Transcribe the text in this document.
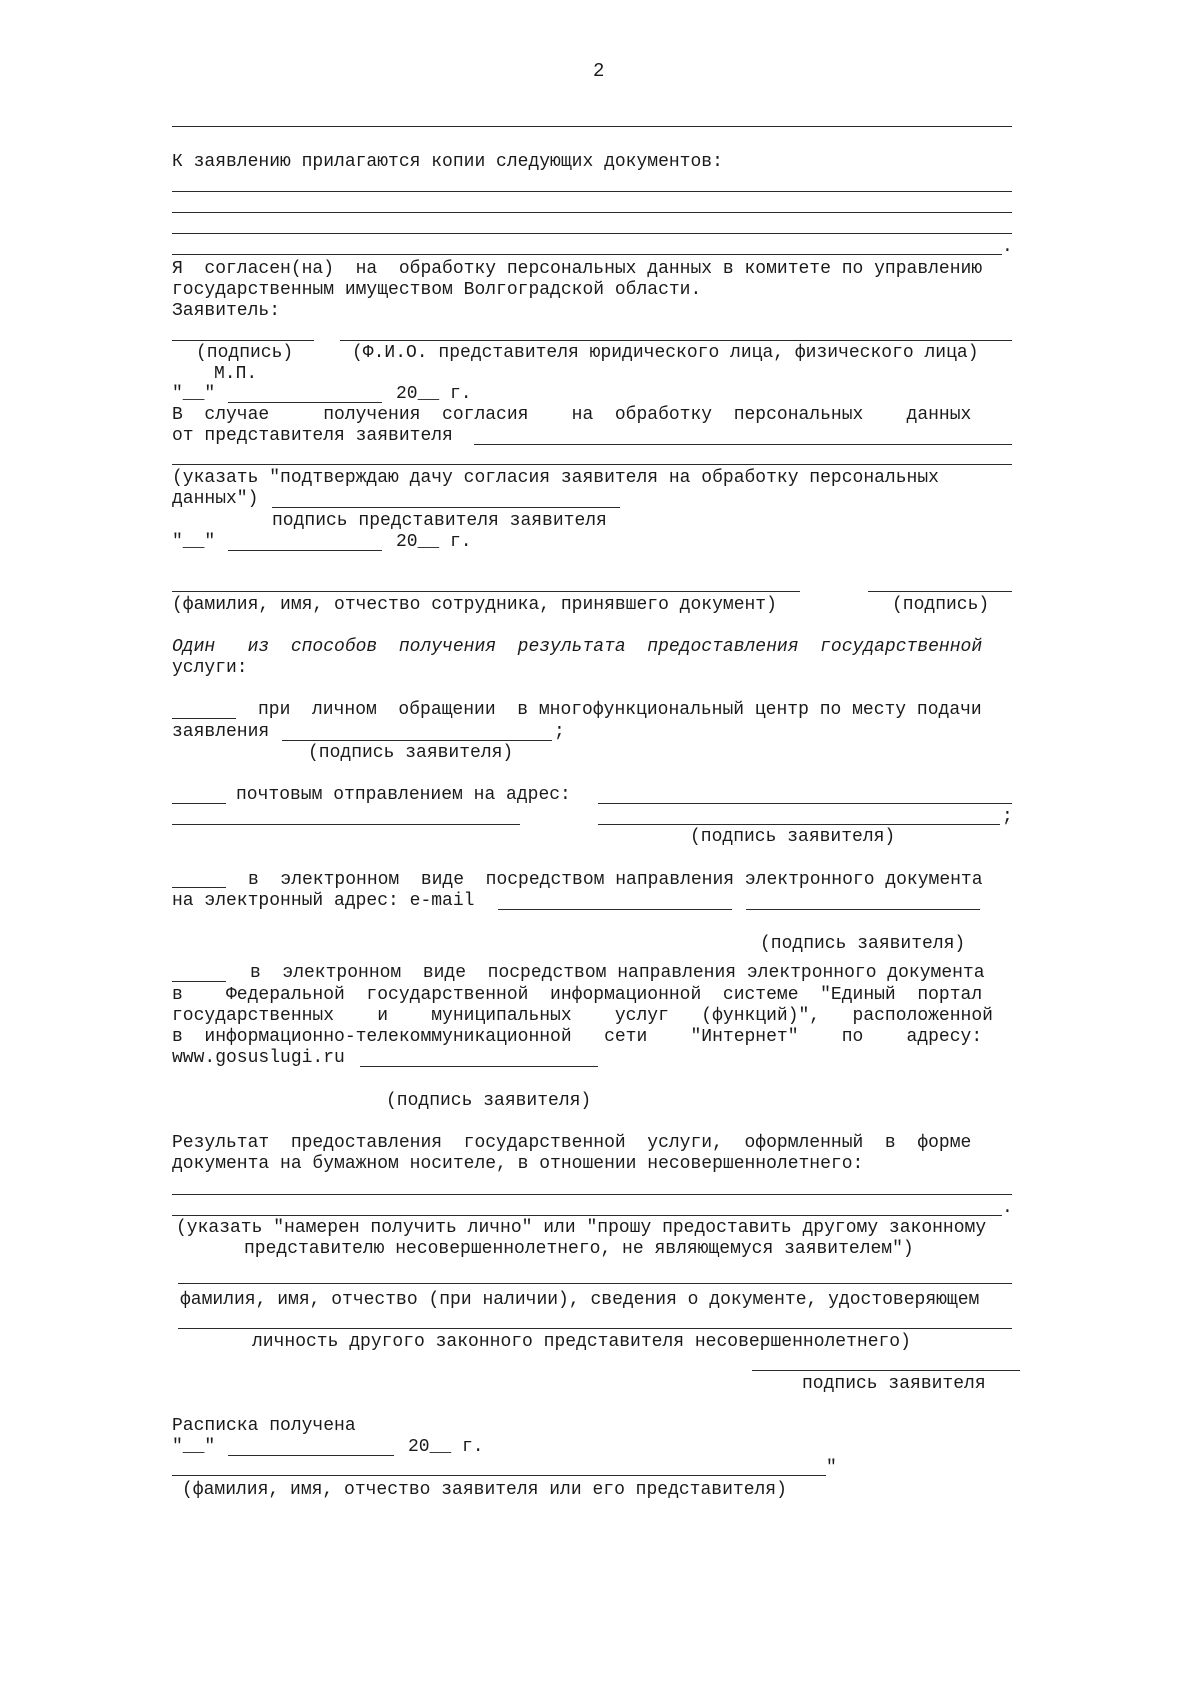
2
К заявлению прилагаются копии следующих документов:
.
Я  согласен(на)  на  обработку персональных данных в комитете по управлению
государственным имуществом Волгоградской области.
Заявитель:
(подпись)	(Ф.И.О. представителя юридического лица, физического лица)
М.П.
"__"	20__ г.
В  случае     получения  согласия    на  обработку  персональных    данных
от представителя заявителя
(указать "подтверждаю дачу согласия заявителя на обработку персональных
данных")
подпись представителя заявителя
"__"	20__ г.
(фамилия, имя, отчество сотрудника, принявшего документ)	(подпись)
Один   из  способов  получения  результата  предоставления  государственной
услуги:
при  личном  обращении  в многофункциональный центр по месту подачи
заявления	;
(подпись заявителя)
почтовым отправлением на адрес:
;
(подпись заявителя)
в  электронном  виде  посредством направления электронного документа
на электронный адрес: e-mail
(подпись заявителя)
в  электронном  виде  посредством направления электронного документа
в    Федеральной  государственной  информационной  системе  "Единый  портал
государственных    и    муниципальных    услуг   (функций)",   расположенной
в  информационно-телекоммуникационной   сети    "Интернет"    по    адресу:
www.gosuslugi.ru
(подпись заявителя)
Результат  предоставления  государственной  услуги,  оформленный  в  форме
документа на бумажном носителе, в отношении несовершеннолетнего:
.
(указать "намерен получить лично" или "прошу предоставить другому законному
представителю несовершеннолетнего, не являющемуся заявителем")
фамилия, имя, отчество (при наличии), сведения о документе, удостоверяющем
личность другого законного представителя несовершеннолетнего)
подпись заявителя
Расписка получена
"__"	20__ г.
"
(фамилия, имя, отчество заявителя или его представителя)
